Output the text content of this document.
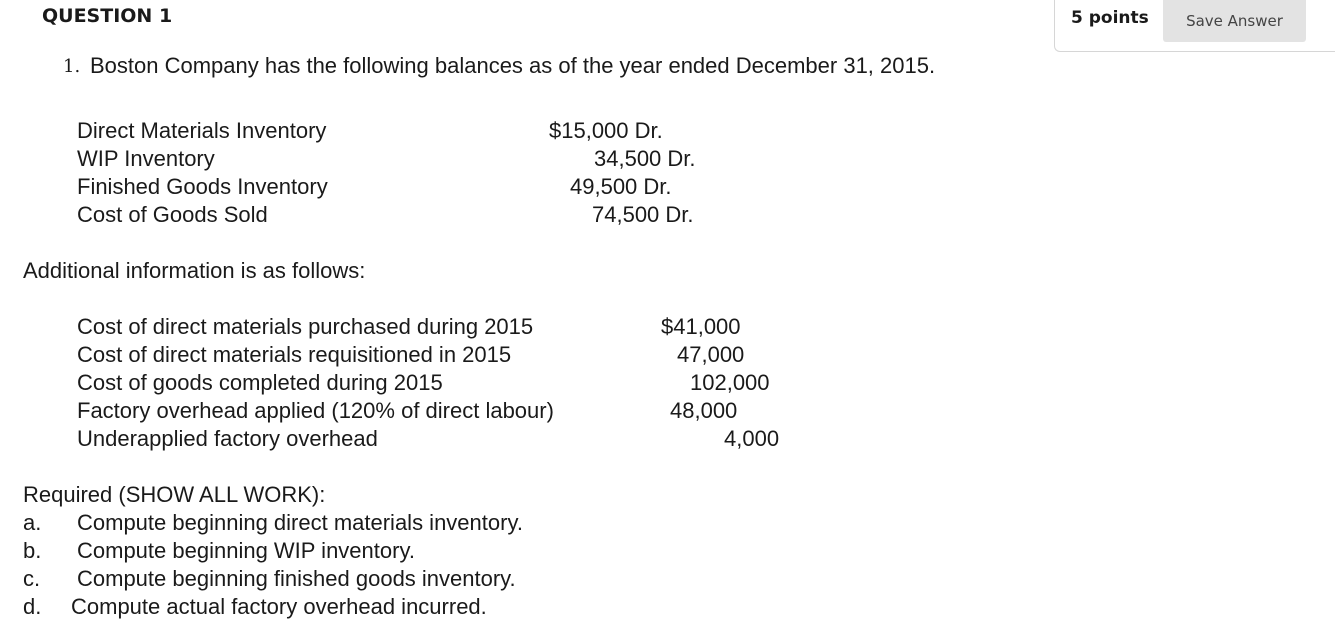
QUESTION 1	5 points	Save Answer
1. Boston Company has the following balances as of the year ended December 31, 2015.
Direct Materials Inventory	$15,000 Dr.
WIP Inventory	34,500 Dr.
Finished Goods Inventory	49,500 Dr.
Cost of Goods Sold	74,500 Dr.
Additional information is as follows:
Cost of direct materials purchased during 2015	$41,000
Cost of direct materials requisitioned in 2015	47,000
Cost of goods completed during 2015	102,000
Factory overhead applied (120% of direct labour)	48,000
Underapplied factory overhead	4,000
Required (SHOW ALL WORK):
a. Compute beginning direct materials inventory.
b. Compute beginning WIP inventory.
c. Compute beginning finished goods inventory.
d. Compute actual factory overhead incurred.
